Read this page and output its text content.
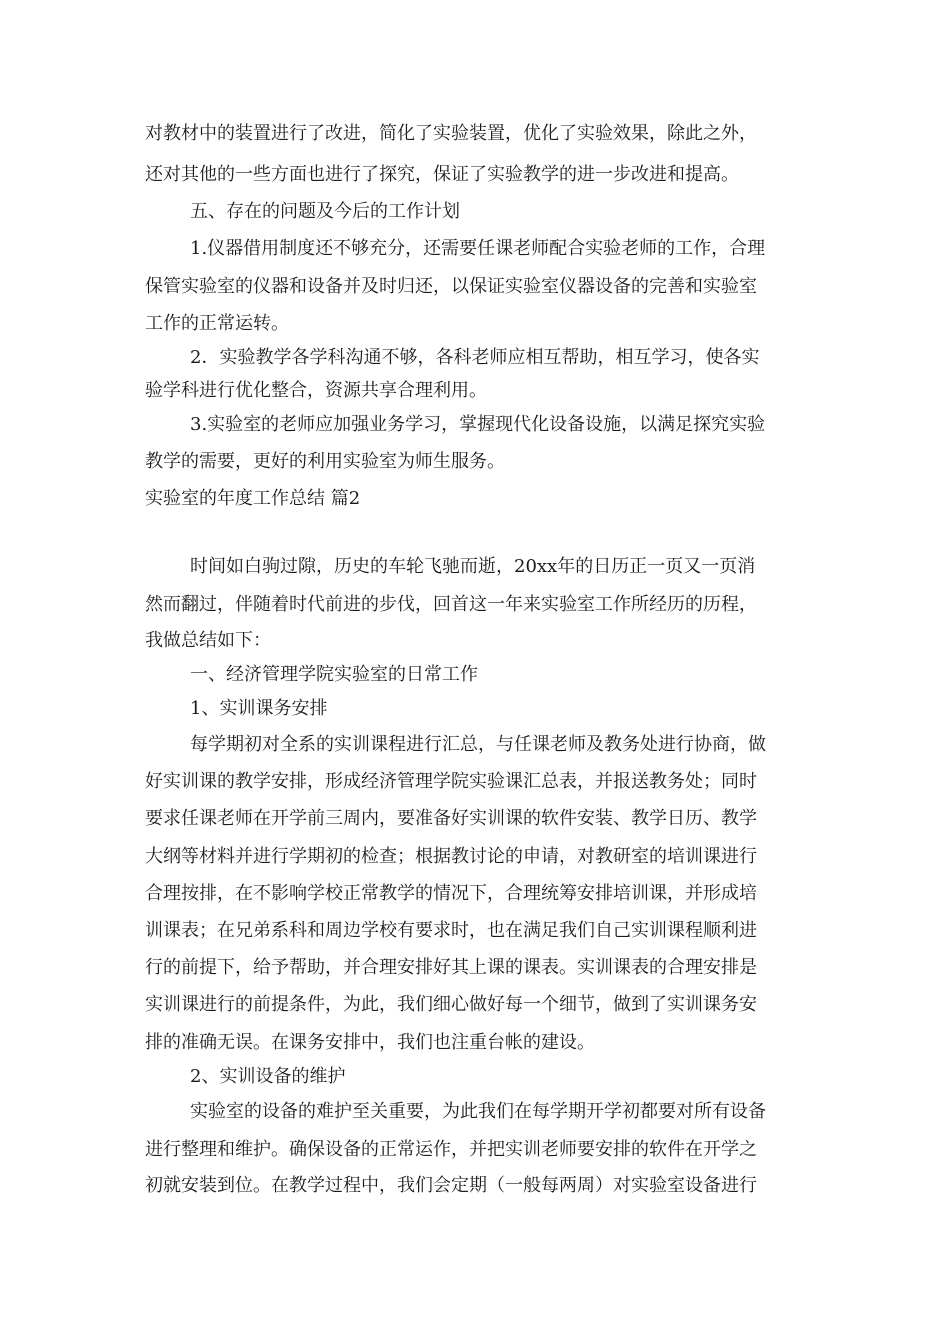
对教材中的装置进行了改进，简化了实验装置，优化了实验效果，除此之外，
还对其他的一些方面也进行了探究，保证了实验教学的进一步改进和提高。
五、存在的问题及今后的工作计划
1.仪器借用制度还不够充分，还需要任课老师配合实验老师的工作，合理
保管实验室的仪器和设备并及时归还，以保证实验室仪器设备的完善和实验室
工作的正常运转。
2．实验教学各学科沟通不够，各科老师应相互帮助，相互学习，使各实
验学科进行优化整合，资源共享合理利用。
3.实验室的老师应加强业务学习，掌握现代化设备设施，以满足探究实验
教学的需要，更好的利用实验室为师生服务。
实验室的年度工作总结 篇2
时间如白驹过隙，历史的车轮飞驰而逝，20xx年的日历正一页又一页消
然而翻过，伴随着时代前进的步伐，回首这一年来实验室工作所经历的历程，
我做总结如下：
一、经济管理学院实验室的日常工作
1、实训课务安排
每学期初对全系的实训课程进行汇总，与任课老师及教务处进行协商，做
好实训课的教学安排，形成经济管理学院实验课汇总表，并报送教务处；同时
要求任课老师在开学前三周内，要准备好实训课的软件安装、教学日历、教学
大纲等材料并进行学期初的检查；根据教讨论的申请，对教研室的培训课进行
合理按排，在不影响学校正常教学的情况下，合理统筹安排培训课，并形成培
训课表；在兄弟系科和周边学校有要求时，也在满足我们自己实训课程顺利进
行的前提下，给予帮助，并合理安排好其上课的课表。实训课表的合理安排是
实训课进行的前提条件，为此，我们细心做好每一个细节，做到了实训课务安
排的准确无误。在课务安排中，我们也注重台帐的建设。
2、实训设备的维护
实验室的设备的难护至关重要，为此我们在每学期开学初都要对所有设备
进行整理和维护。确保设备的正常运作，并把实训老师要安排的软件在开学之
初就安装到位。在教学过程中，我们会定期（一般每两周）对实验室设备进行
